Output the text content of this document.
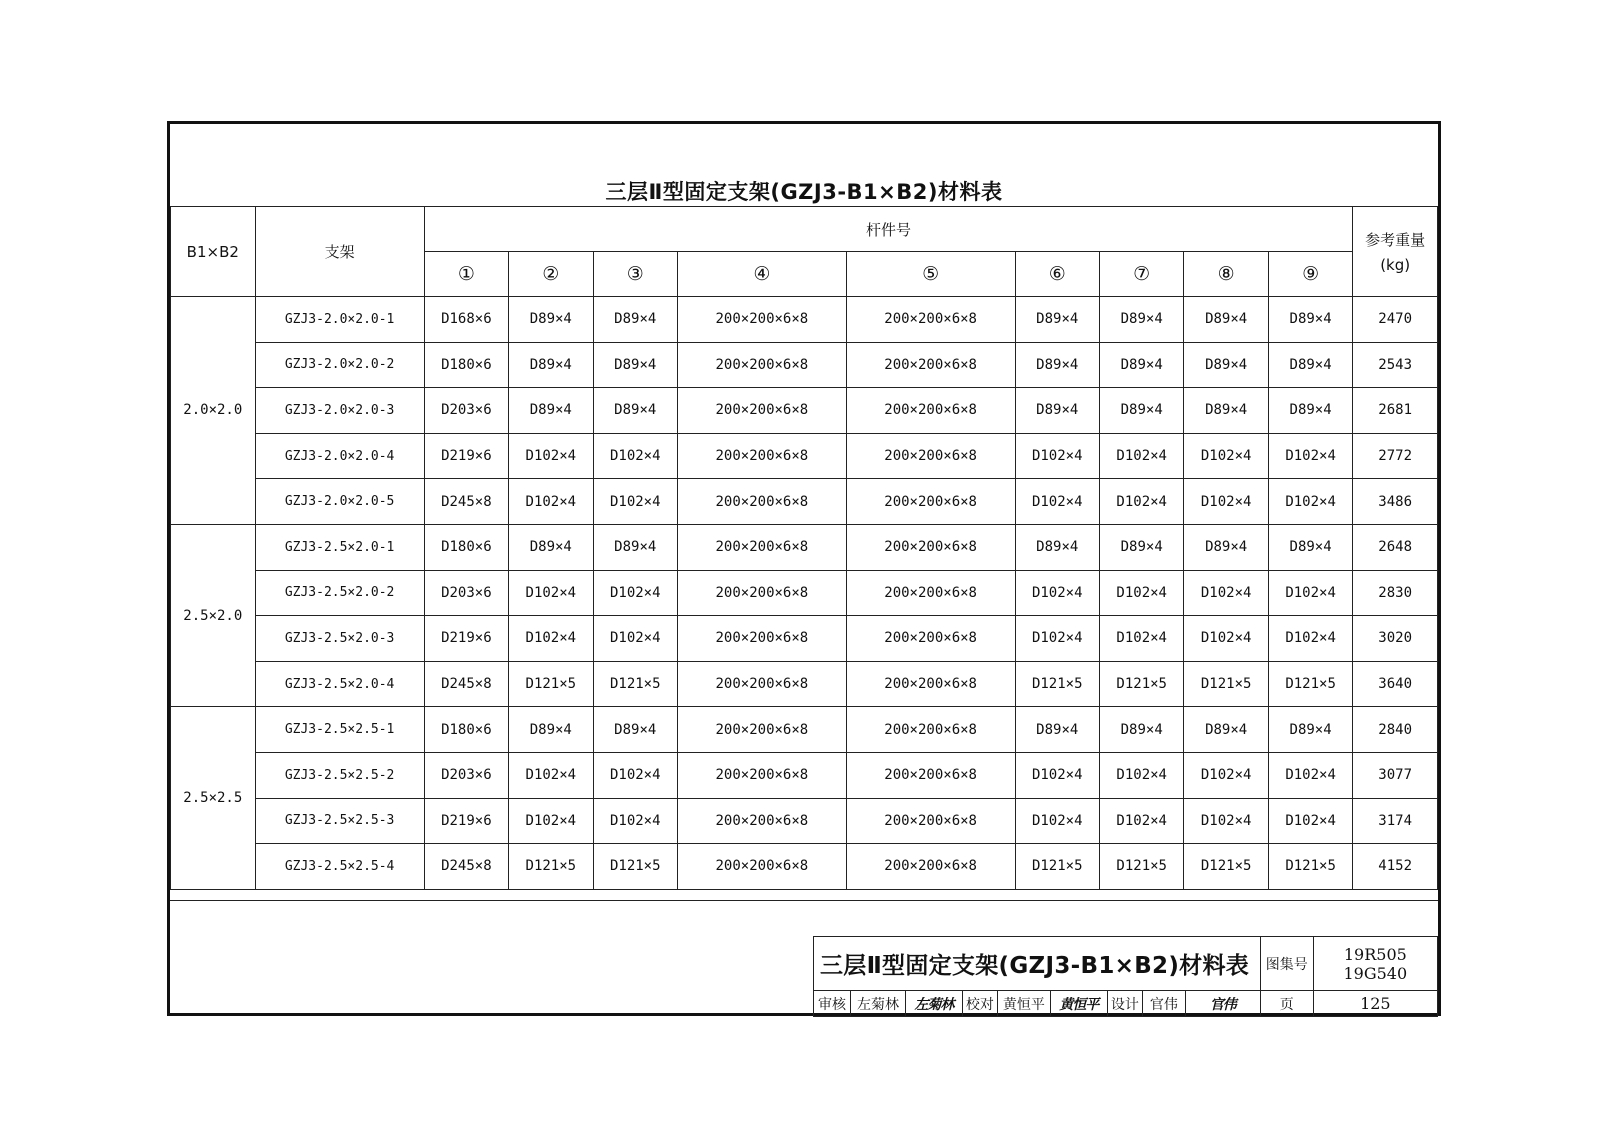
三层Ⅱ型固定支架(GZJ3-B1×B2)材料表
B1×B2	支架	杆件号									参考重量
(kg)

		①	②	③	④	⑤	⑥	⑦	⑧	⑨	
2.0×2.0	GZJ3-2.0×2.0-1	D168×6	D89×4	D89×4	200×200×6×8	200×200×6×8	D89×4	D89×4	D89×4	D89×4	2470
	GZJ3-2.0×2.0-2	D180×6	D89×4	D89×4	200×200×6×8	200×200×6×8	D89×4	D89×4	D89×4	D89×4	2543
	GZJ3-2.0×2.0-3	D203×6	D89×4	D89×4	200×200×6×8	200×200×6×8	D89×4	D89×4	D89×4	D89×4	2681
	GZJ3-2.0×2.0-4	D219×6	D102×4	D102×4	200×200×6×8	200×200×6×8	D102×4	D102×4	D102×4	D102×4	2772
	GZJ3-2.0×2.0-5	D245×8	D102×4	D102×4	200×200×6×8	200×200×6×8	D102×4	D102×4	D102×4	D102×4	3486
2.5×2.0	GZJ3-2.5×2.0-1	D180×6	D89×4	D89×4	200×200×6×8	200×200×6×8	D89×4	D89×4	D89×4	D89×4	2648
	GZJ3-2.5×2.0-2	D203×6	D102×4	D102×4	200×200×6×8	200×200×6×8	D102×4	D102×4	D102×4	D102×4	2830
	GZJ3-2.5×2.0-3	D219×6	D102×4	D102×4	200×200×6×8	200×200×6×8	D102×4	D102×4	D102×4	D102×4	3020
	GZJ3-2.5×2.0-4	D245×8	D121×5	D121×5	200×200×6×8	200×200×6×8	D121×5	D121×5	D121×5	D121×5	3640
2.5×2.5	GZJ3-2.5×2.5-1	D180×6	D89×4	D89×4	200×200×6×8	200×200×6×8	D89×4	D89×4	D89×4	D89×4	2840
	GZJ3-2.5×2.5-2	D203×6	D102×4	D102×4	200×200×6×8	200×200×6×8	D102×4	D102×4	D102×4	D102×4	3077
	GZJ3-2.5×2.5-3	D219×6	D102×4	D102×4	200×200×6×8	200×200×6×8	D102×4	D102×4	D102×4	D102×4	3174
	GZJ3-2.5×2.5-4	D245×8	D121×5	D121×5	200×200×6×8	200×200×6×8	D121×5	D121×5	D121×5	D121×5	4152
三层Ⅱ型固定支架(GZJ3-B1×B2)材料表									图集号	19R505
19G540

审核	左菊林	左菊林	校对	黄恒平	黄恒平	设计	官伟	官伟	页	125
